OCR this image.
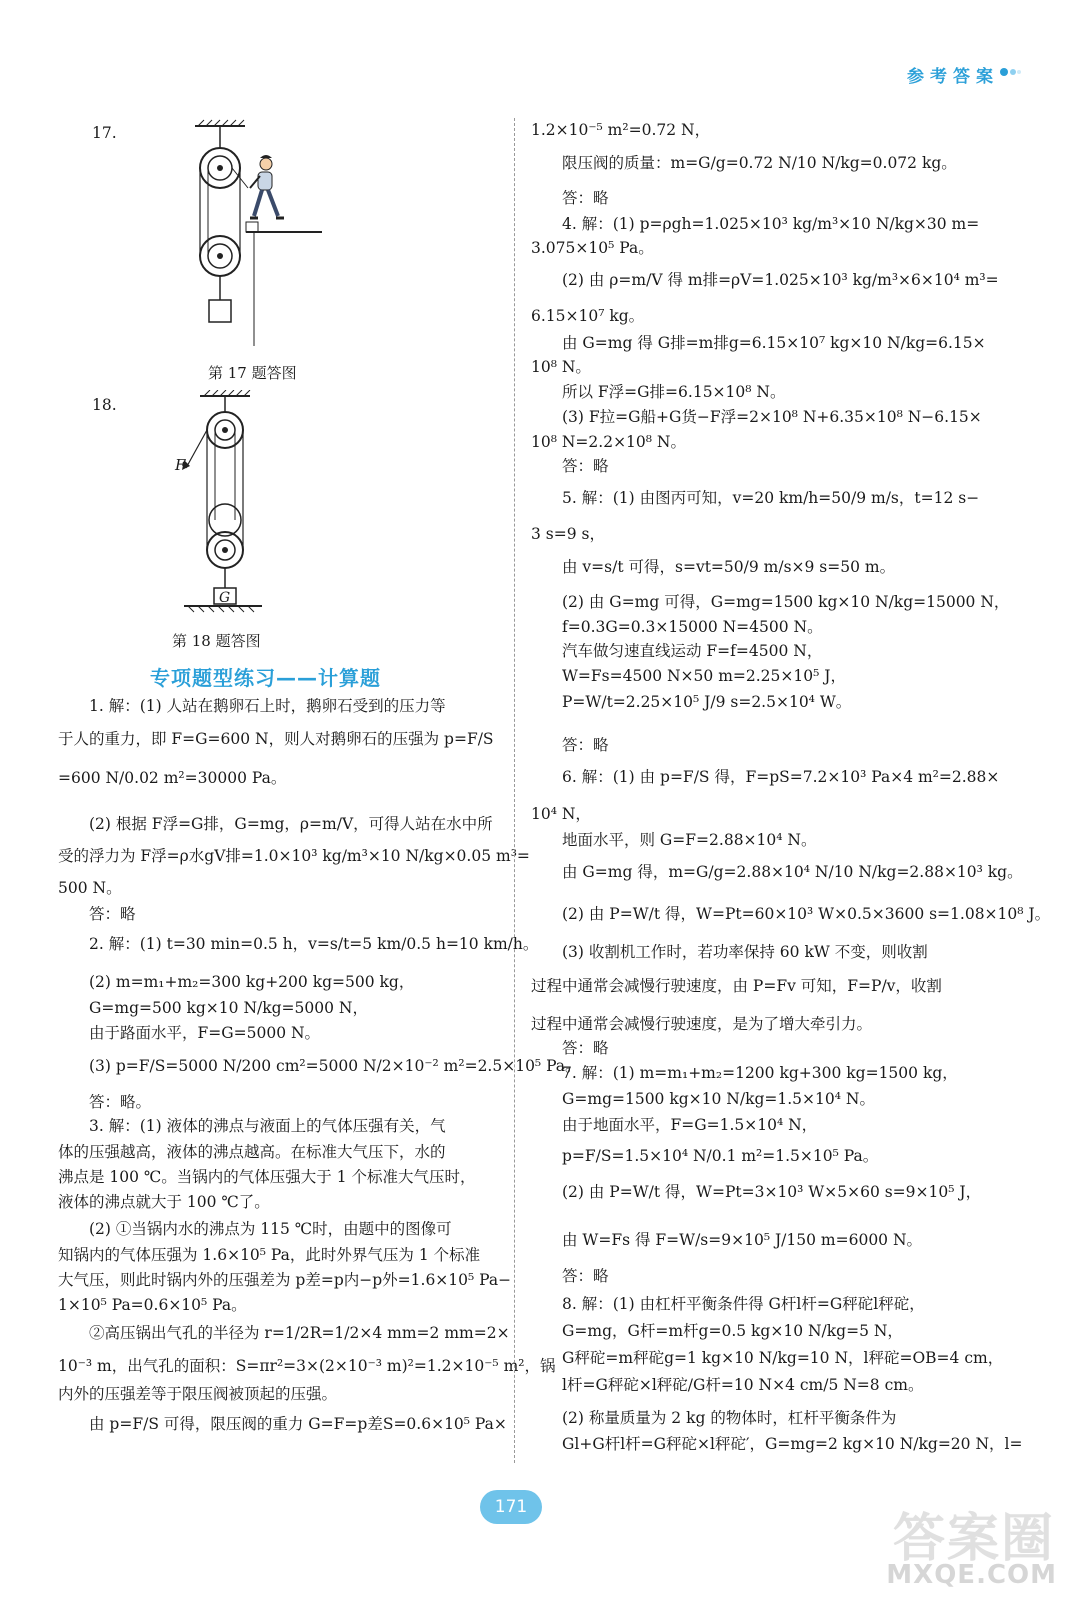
参考答案
17.
第 17 题答图
18.
F
G
第 18 题答图
专项题型练习——计算题
1. 解：(1) 人站在鹅卵石上时，鹅卵石受到的压力等
于人的重力，即 F=G=600 N，则人对鹅卵石的压强为 p=F/S
=600 N/0.02 m²=30000 Pa。
(2) 根据 F浮=G排，G=mg，ρ=m/V，可得人站在水中所
受的浮力为 F浮=ρ水gV排=1.0×10³ kg/m³×10 N/kg×0.05 m³=
500 N。
答：略
2. 解：(1) t=30 min=0.5 h，v=s/t=5 km/0.5 h=10 km/h。
(2) m=m₁+m₂=300 kg+200 kg=500 kg，
G=mg=500 kg×10 N/kg=5000 N，
由于路面水平，F=G=5000 N。
(3) p=F/S=5000 N/200 cm²=5000 N/2×10⁻² m²=2.5×10⁵ Pa。
答：略。
3. 解：(1) 液体的沸点与液面上的气体压强有关，气
体的压强越高，液体的沸点越高。在标准大气压下，水的
沸点是 100 ℃。当锅内的气体压强大于 1 个标准大气压时，
液体的沸点就大于 100 ℃了。
(2) ①当锅内水的沸点为 115 ℃时，由题中的图像可
知锅内的气体压强为 1.6×10⁵ Pa，此时外界气压为 1 个标准
大气压，则此时锅内外的压强差为 p差=p内−p外=1.6×10⁵ Pa−
1×10⁵ Pa=0.6×10⁵ Pa。
②高压锅出气孔的半径为 r=1/2R=1/2×4 mm=2 mm=2×
10⁻³ m，出气孔的面积：S=πr²=3×(2×10⁻³ m)²=1.2×10⁻⁵ m²，锅
内外的压强差等于限压阀被顶起的压强。
由 p=F/S 可得，限压阀的重力 G=F=p差S=0.6×10⁵ Pa×
1.2×10⁻⁵ m²=0.72 N，
限压阀的质量：m=G/g=0.72 N/10 N/kg=0.072 kg。
答：略
4. 解：(1) p=ρgh=1.025×10³ kg/m³×10 N/kg×30 m=
3.075×10⁵ Pa。
(2) 由 ρ=m/V 得 m排=ρV=1.025×10³ kg/m³×6×10⁴ m³=
6.15×10⁷ kg。
由 G=mg 得 G排=m排g=6.15×10⁷ kg×10 N/kg=6.15×
10⁸ N。
所以 F浮=G排=6.15×10⁸ N。
(3) F拉=G船+G货−F浮=2×10⁸ N+6.35×10⁸ N−6.15×
10⁸ N=2.2×10⁸ N。
答：略
5. 解：(1) 由图丙可知，v=20 km/h=50/9 m/s，t=12 s−
3 s=9 s，
由 v=s/t 可得，s=vt=50/9 m/s×9 s=50 m。
(2) 由 G=mg 可得，G=mg=1500 kg×10 N/kg=15000 N，
f=0.3G=0.3×15000 N=4500 N。
汽车做匀速直线运动 F=f=4500 N，
W=Fs=4500 N×50 m=2.25×10⁵ J，
P=W/t=2.25×10⁵ J/9 s=2.5×10⁴ W。
答：略
6. 解：(1) 由 p=F/S 得，F=pS=7.2×10³ Pa×4 m²=2.88×
10⁴ N，
地面水平，则 G=F=2.88×10⁴ N。
由 G=mg 得，m=G/g=2.88×10⁴ N/10 N/kg=2.88×10³ kg。
(2) 由 P=W/t 得，W=Pt=60×10³ W×0.5×3600 s=1.08×10⁸ J。
(3) 收割机工作时，若功率保持 60 kW 不变，则收割
过程中通常会减慢行驶速度，由 P=Fv 可知，F=P/v，收割
过程中通常会减慢行驶速度，是为了增大牵引力。
答：略
7. 解：(1) m=m₁+m₂=1200 kg+300 kg=1500 kg，
G=mg=1500 kg×10 N/kg=1.5×10⁴ N。
由于地面水平，F=G=1.5×10⁴ N，
p=F/S=1.5×10⁴ N/0.1 m²=1.5×10⁵ Pa。
(2) 由 P=W/t 得，W=Pt=3×10³ W×5×60 s=9×10⁵ J，
由 W=Fs 得 F=W/s=9×10⁵ J/150 m=6000 N。
答：略
8. 解：(1) 由杠杆平衡条件得 G杆l杆=G秤砣l秤砣，
G=mg，G杆=m杆g=0.5 kg×10 N/kg=5 N，
G秤砣=m秤砣g=1 kg×10 N/kg=10 N，l秤砣=OB=4 cm，
l杆=G秤砣×l秤砣/G杆=10 N×4 cm/5 N=8 cm。
(2) 称量质量为 2 kg 的物体时，杠杆平衡条件为
Gl+G杆l杆=G秤砣×l秤砣′，G=mg=2 kg×10 N/kg=20 N，l=
171
答案圈
MXQE.COM
